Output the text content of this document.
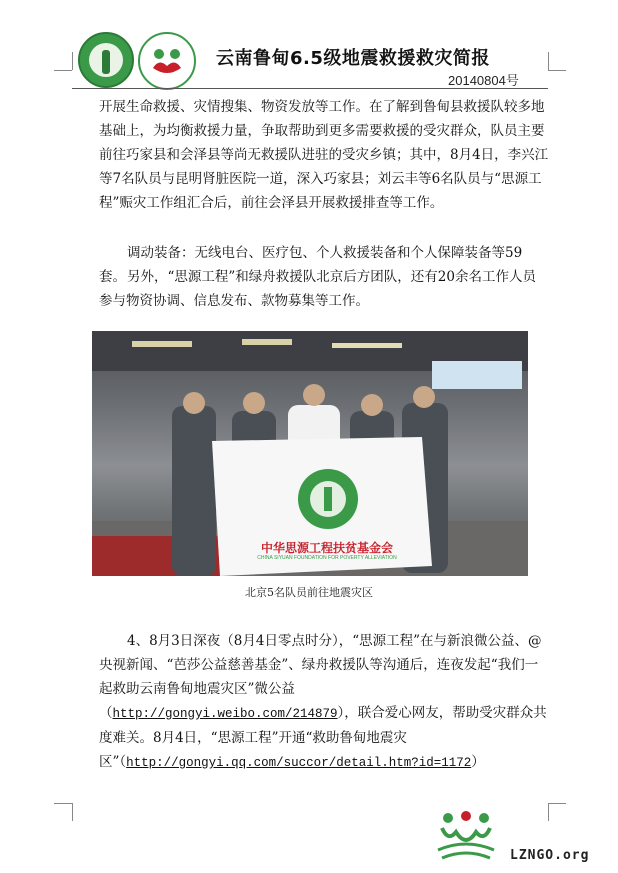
云南鲁甸6.5级地震救援救灾简报
20140804号
开展生命救援、灾情搜集、物资发放等工作。在了解到鲁甸县救援队较多地基础上，为均衡救援力量，争取帮助到更多需要救援的受灾群众，队员主要前往巧家县和会泽县等尚无救援队进驻的受灾乡镇；其中，8月4日，李兴江等7名队员与昆明肾脏医院一道，深入巧家县；刘云丰等6名队员与“思源工程”赈灾工作组汇合后，前往会泽县开展救援排查等工作。
调动装备：无线电台、医疗包、个人救援装备和个人保障装备等59套。 另外，“思源工程”和绿舟救援队北京后方团队，还有20余名工作人员参与物资协调、信息发布、款物募集等工作。
中华思源工程扶贫基金会
CHINA SIYUAN FOUNDATION FOR POVERTY ALLEVIATION
北京5名队员前往地震灾区
4、8月3日深夜（8月4日零点时分），“思源工程”在与新浪微公益、@央视新闻、“芭莎公益慈善基金”、绿舟救援队等沟通后，连夜发起“我们一起救助云南鲁甸地震灾区”微公益（http://gongyi.weibo.com/214879），联合爱心网友，帮助受灾群众共度难关。8月4日，“思源工程”开通“救助鲁甸地震灾区”（http://gongyi.qq.com/succor/detail.htm?id=1172）
LZNGO.org
